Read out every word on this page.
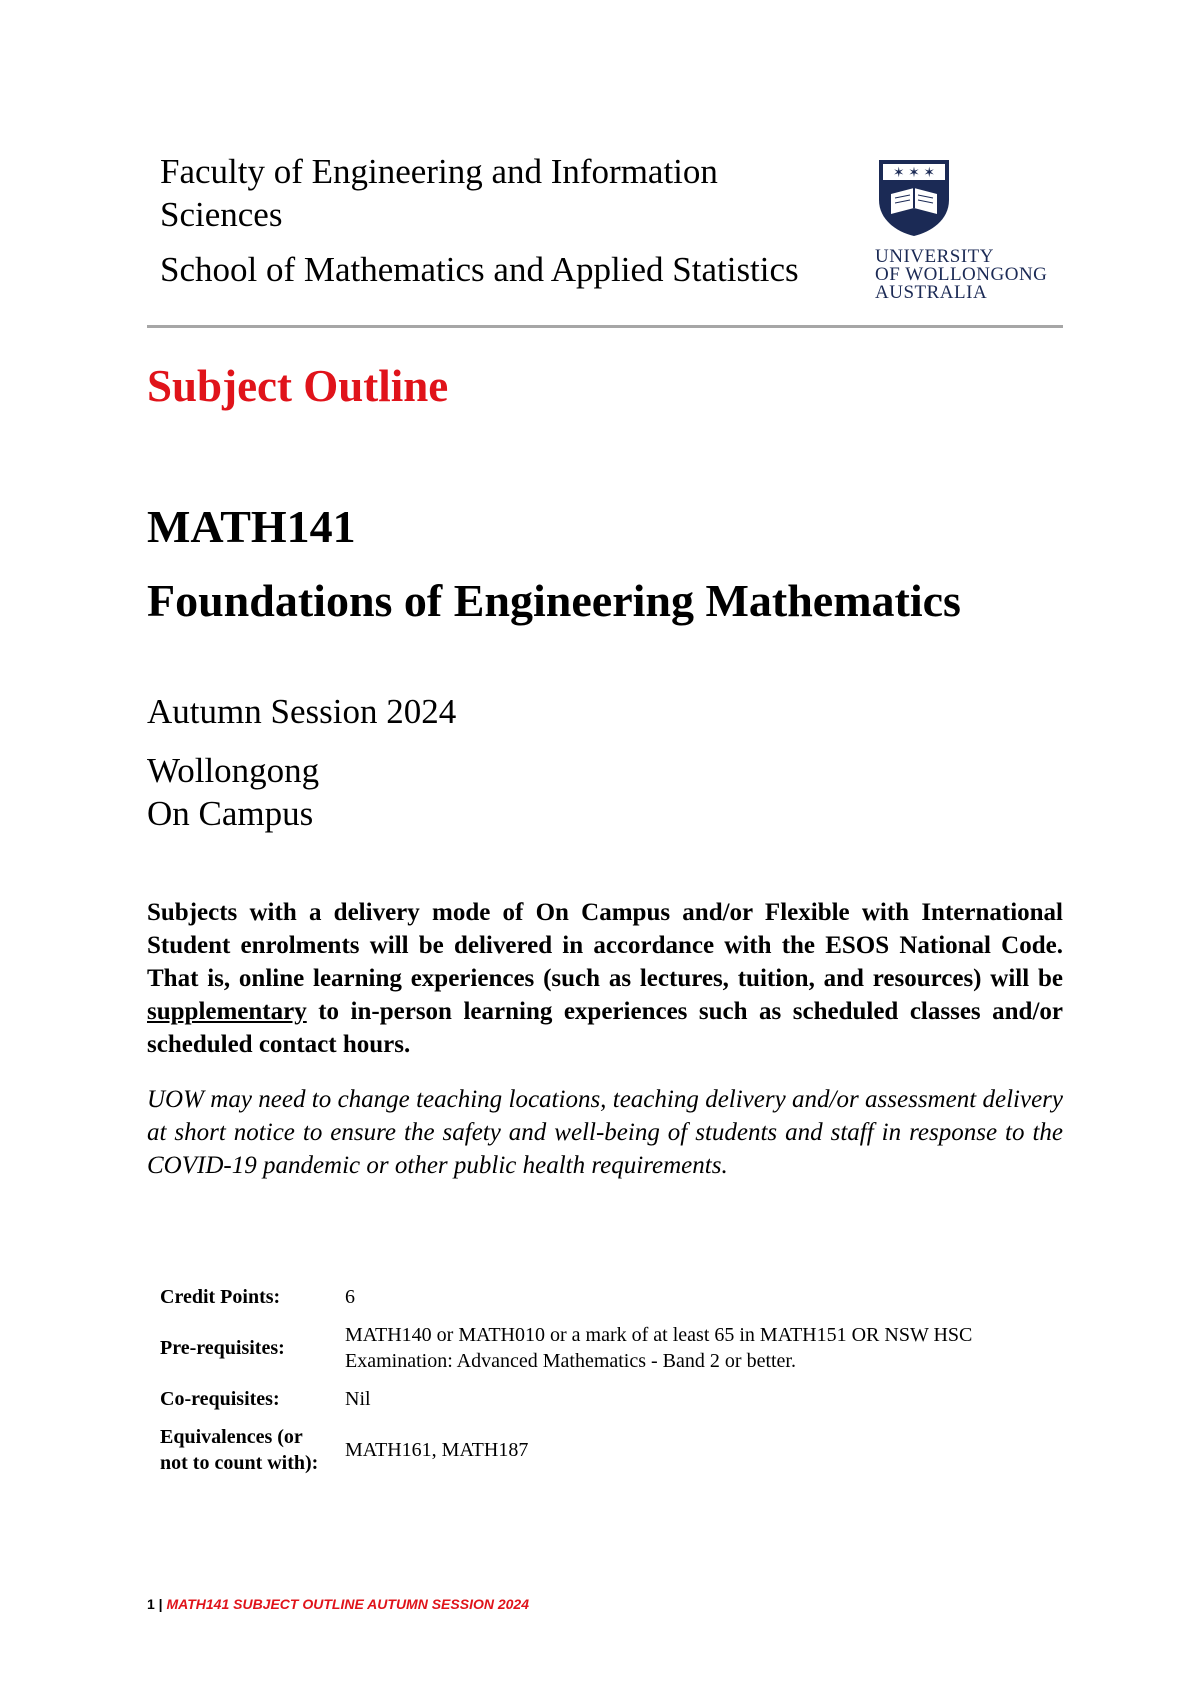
Faculty of Engineering and Information Sciences

School of Mathematics and Applied Statistics

✶ ✶ ✶
UNIVERSITY
OF WOLLONGONG
AUSTRALIA
Subject Outline
MATH141
Foundations of Engineering Mathematics

Autumn Session 2024

Wollongong
On Campus

Subjects with a delivery mode of On Campus and/or Flexible with International Student enrolments will be delivered in accordance with the ESOS National Code. That is, online learning experiences (such as lectures, tuition, and resources) will be supplementary to in-person learning experiences such as scheduled classes and/or scheduled contact hours.

UOW may need to change teaching locations, teaching delivery and/or assessment delivery at short notice to ensure the safety and well-being of students and staff in response to the COVID-19 pandemic or other public health requirements.

Credit Points:	6
Pre-requisites:	MATH140 or MATH010 or a mark of at least 65 in MATH151 OR NSW HSC Examination: Advanced Mathematics - Band 2 or better.
Co-requisites:	Nil
Equivalences (or not to count with):	MATH161, MATH187
1 | MATH141 SUBJECT OUTLINE AUTUMN SESSION 2024
